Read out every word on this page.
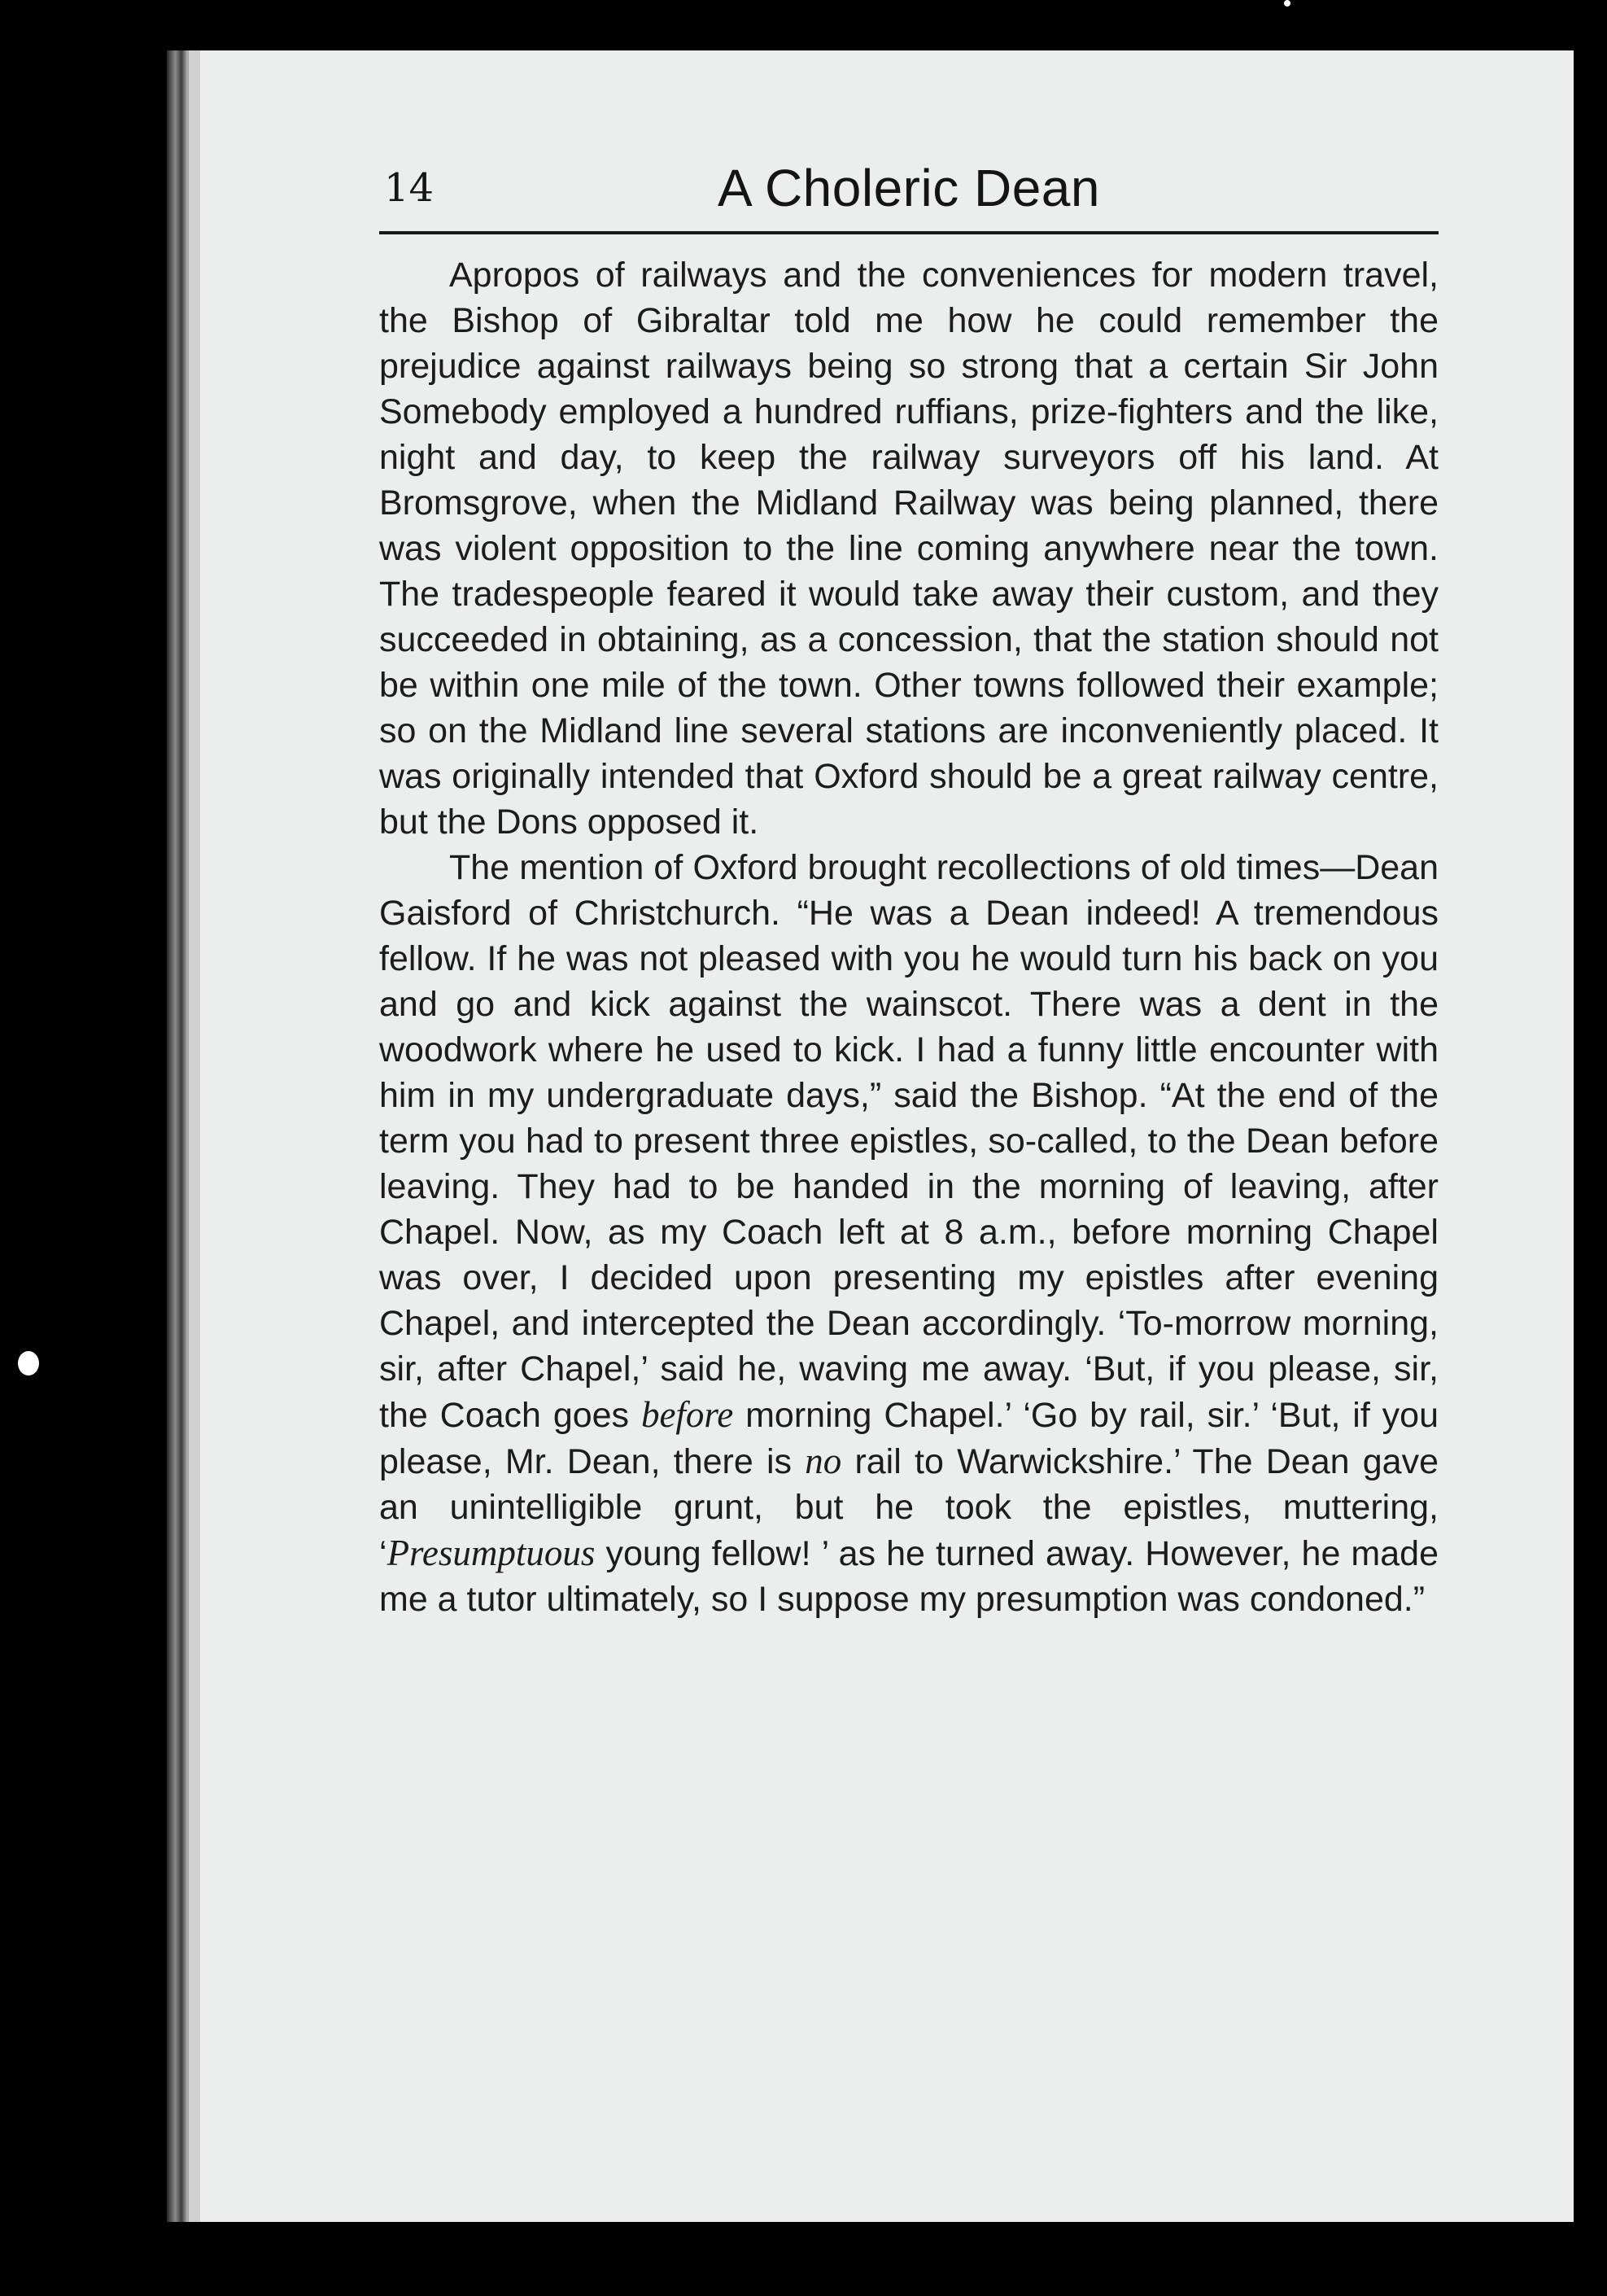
14	A Choleric Dean

Apropos of railways and the conveniences for modern travel, the Bishop of Gibraltar told me how he could remember the prejudice against railways being so strong that a certain Sir John Somebody employed a hundred ruffians, prize-fighters and the like, night and day, to keep the railway surveyors off his land. At Bromsgrove, when the Midland Railway was being planned, there was violent opposition to the line coming anywhere near the town. The tradespeople feared it would take away their custom, and they succeeded in obtaining, as a concession, that the station should not be within one mile of the town. Other towns followed their example; so on the Midland line several stations are inconveniently placed. It was originally intended that Oxford should be a great railway centre, but the Dons opposed it.

The mention of Oxford brought recollections of old times—Dean Gaisford of Christchurch. “He was a Dean indeed! A tremendous fellow. If he was not pleased with you he would turn his back on you and go and kick against the wainscot. There was a dent in the woodwork where he used to kick. I had a funny little encounter with him in my undergraduate days,” said the Bishop. “At the end of the term you had to present three epistles, so-called, to the Dean before leaving. They had to be handed in the morning of leaving, after Chapel. Now, as my Coach left at 8 a.m., before morning Chapel was over, I decided upon presenting my epistles after evening Chapel, and intercepted the Dean accordingly. ‘To-morrow morning, sir, after Chapel,’ said he, waving me away. ‘But, if you please, sir, the Coach goes before morning Chapel.’ ‘Go by rail, sir.’ ‘But, if you please, Mr. Dean, there is no rail to Warwickshire.’ The Dean gave an unintelligible grunt, but he took the epistles, muttering, ‘Presumptuous young fellow! ’ as he turned away. However, he made me a tutor ultimately, so I suppose my presumption was condoned.”
